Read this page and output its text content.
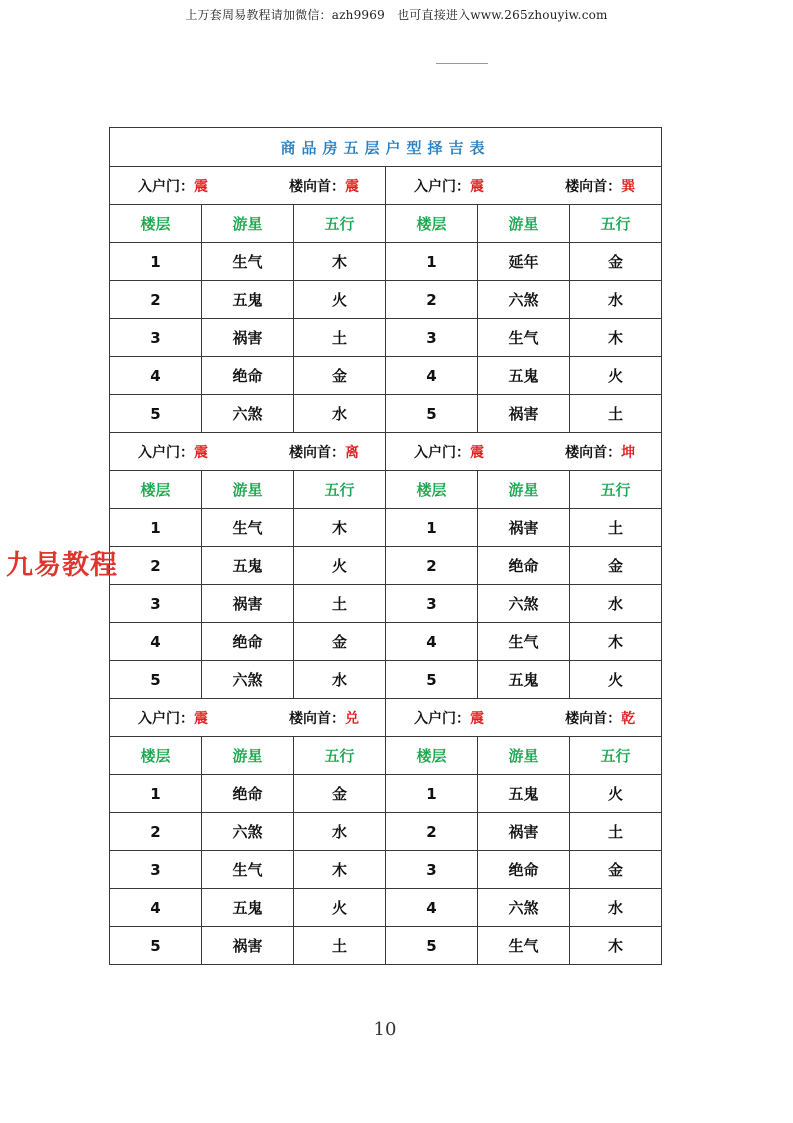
上万套周易教程请加微信：azh9969　也可直接进入www.265zhouyiw.com
商品房五层户型择吉表					

入户门：震 楼向首：震			入户门：震 楼向首：巽		

楼层	游星	五行	楼层	游星	五行
1	生气	木	1	延年	金
2	五鬼	火	2	六煞	水
3	祸害	土	3	生气	木
4	绝命	金	4	五鬼	火
5	六煞	水	5	祸害	土

入户门：震 楼向首：离			入户门：震 楼向首：坤		

楼层	游星	五行	楼层	游星	五行
1	生气	木	1	祸害	土
2	五鬼	火	2	绝命	金
3	祸害	土	3	六煞	水
4	绝命	金	4	生气	木
5	六煞	水	5	五鬼	火

入户门：震 楼向首：兑			入户门：震 楼向首：乾		

楼层	游星	五行	楼层	游星	五行
1	绝命	金	1	五鬼	火
2	六煞	水	2	祸害	土
3	生气	木	3	绝命	金
4	五鬼	火	4	六煞	水
5	祸害	土	5	生气	木
九易教程
10
